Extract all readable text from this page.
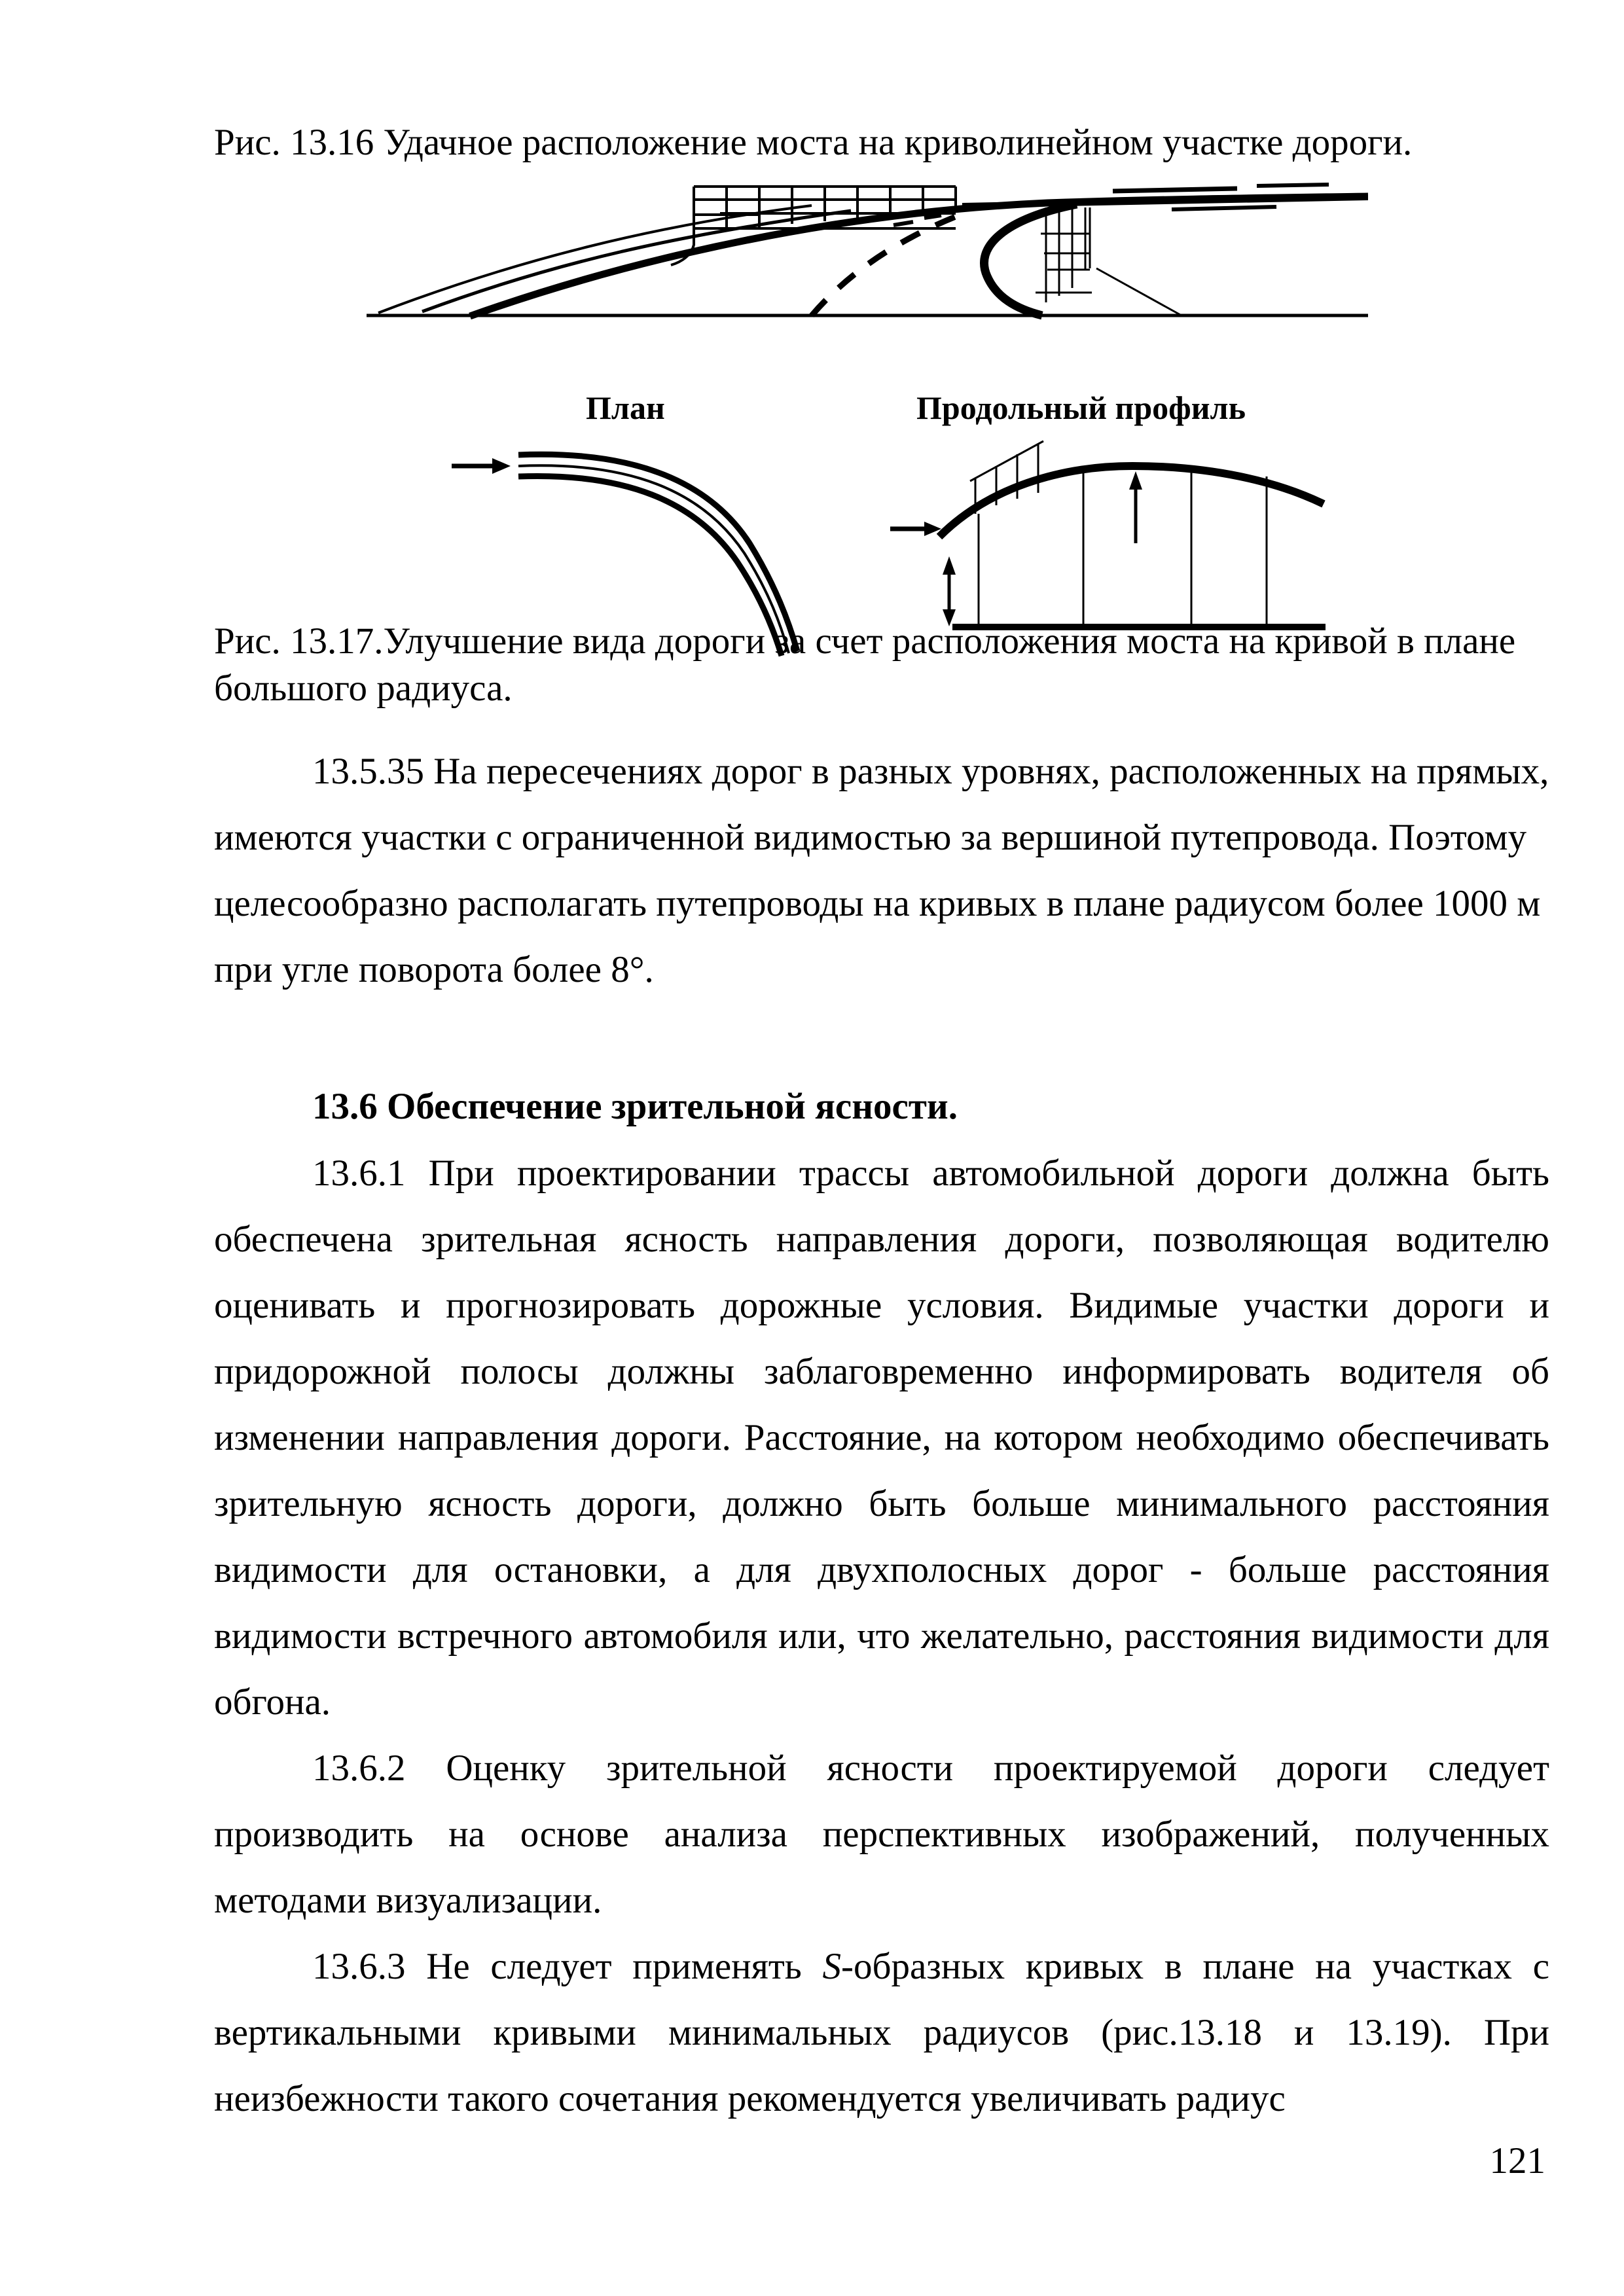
Рис. 13.16 Удачное расположение моста на криволинейном участке дороги.
План	Продольный профиль
Рис. 13.17.Улучшение вида дороги за счет расположения моста на кривой в плане большого радиуса.
13.5.35 На пересечениях дорог в разных уровнях, расположенных на прямых, имеются участки с ограниченной видимостью за вершиной путепровода. Поэтому целесообразно располагать путепроводы на кривых в плане радиусом более 1000 м при угле поворота более 8°.
13.6 Обеспечение зрительной ясности.
13.6.1 При проектировании трассы автомобильной дороги должна быть обеспечена зрительная ясность направления дороги, позволяющая водителю оценивать и прогнозировать дорожные условия. Видимые участки дороги и придорожной полосы должны заблаговременно информировать водителя об изменении направления дороги. Расстояние, на котором необходимо обеспечивать зрительную ясность дороги, должно быть больше минимального расстояния видимости для остановки, а для двухполосных дорог - больше расстояния видимости встречного автомобиля или, что желательно, расстояния видимости для обгона.
13.6.2 Оценку зрительной ясности проектируемой дороги следует производить на основе анализа перспективных изображений, полученных методами визуализации.
13.6.3 Не следует применять S-образных кривых в плане на участках с вертикальными кривыми минимальных радиусов (рис.13.18 и 13.19). При неизбежности такого сочетания рекомендуется увеличивать радиус
121
